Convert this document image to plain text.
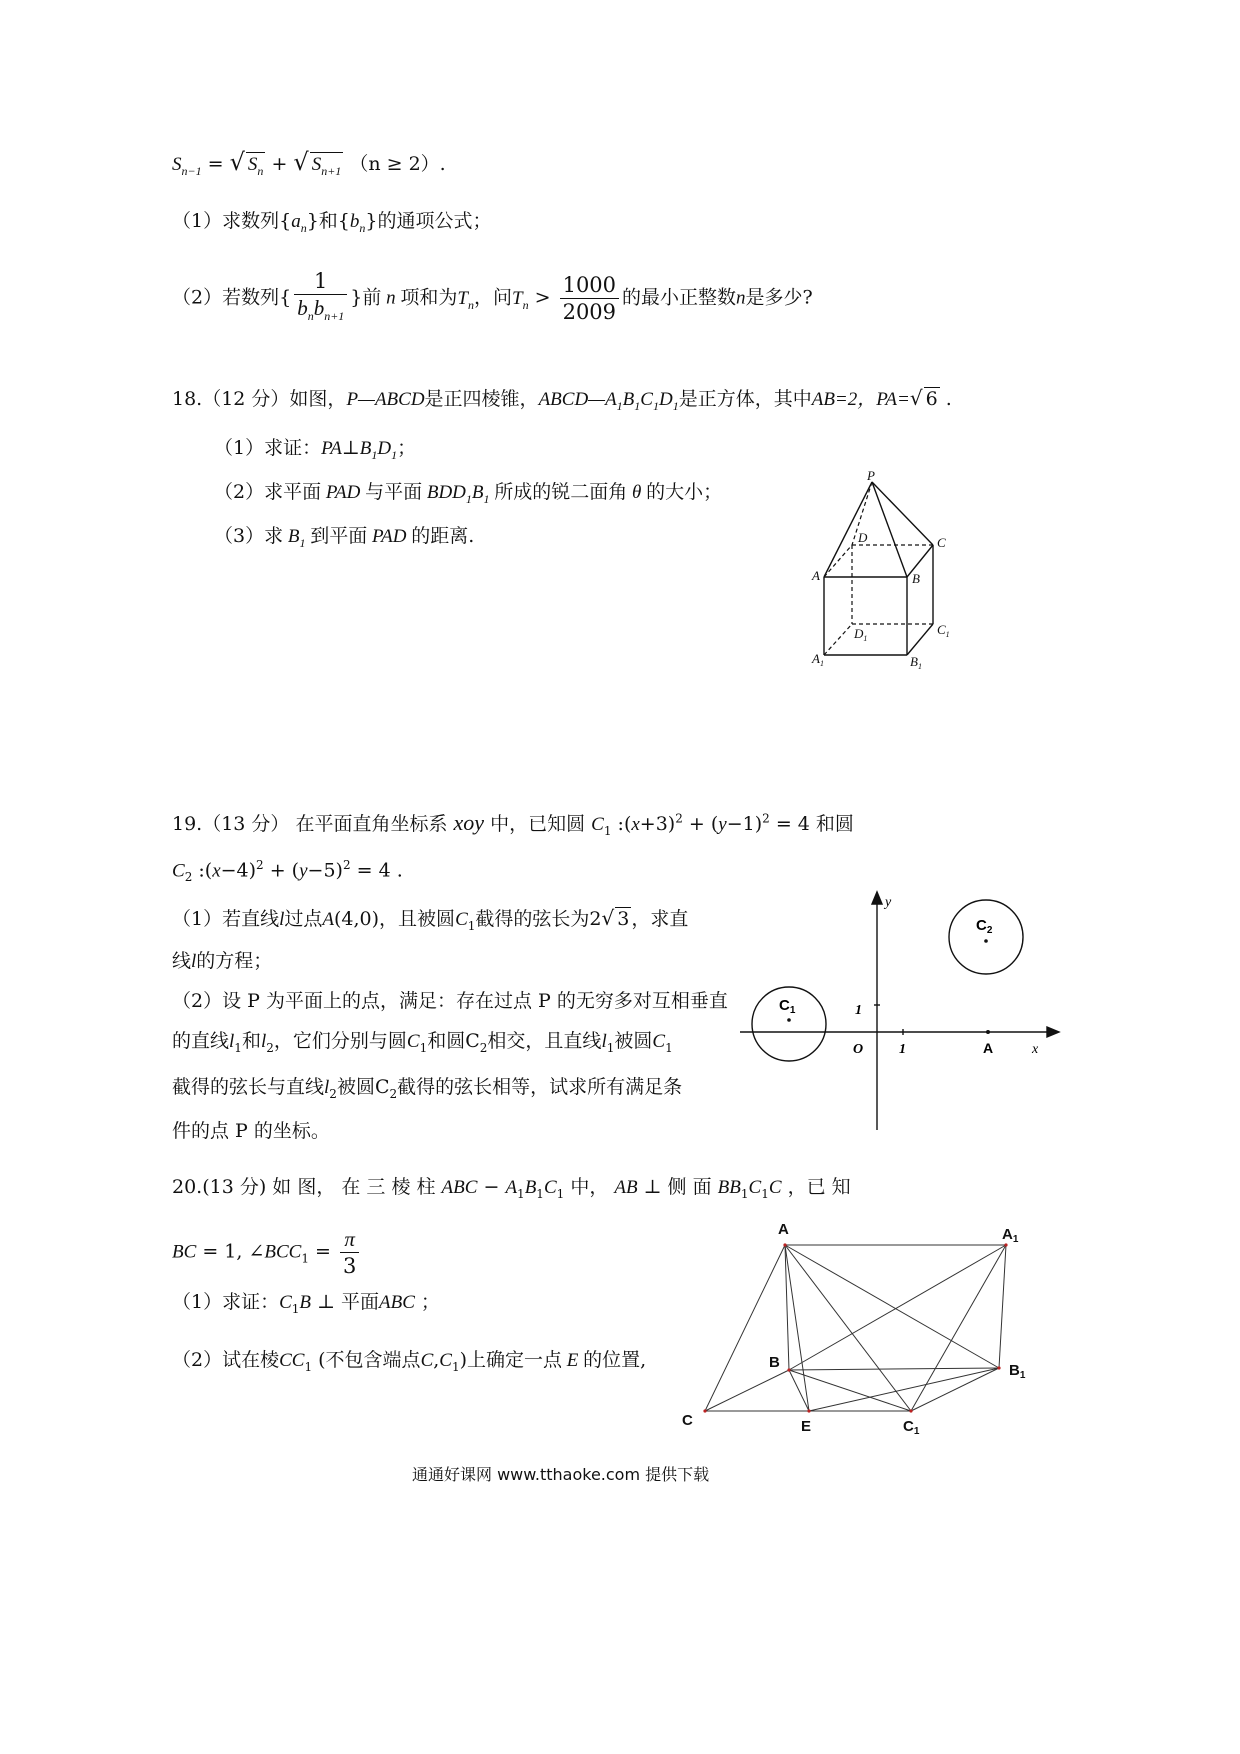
$S_{n-1}$ = √ $S_n$ + √ $S_{n+1}$ （n ≥ 2）.
（1）求数列$\{a_n\}$和$\{b_n\}$的通项公式；
（2）若数列{ $\frac{1}{b_nb_{n+1}}$ }前 n 项和为$T_n$，问$T_n > \frac{1000}{2009}$ 的最小正整数n是多少?
18.（12 分）如图，P—ABCD是正四棱锥，$ABCD—A_1B_1C_1D_1$是正方体，其中AB=2，PA=√ 6 .
（1）求证：$PA\perp B_1D_1$；
（2）求平面 PAD 与平面 $BDD_1B_1$ 所成的锐二面角 θ 的大小；
（3）求 $B_1$ 到平面 PAD 的距离.
P
D	C
A	B
$D_1$
$C_1$
$A_1$	$B_1$
19.（13 分） 在平面直角坐标系 xoy 中，已知圆 $C_1$ $:(x+3)^2 + (y-1)^2 = 4$ 和圆
$C_2$ $:(x-4)^2 + (y-5)^2 = 4$ .
（1）若直线l过点A(4,0)，且被圆$C_1$截得的弦长为2√ 3 ，求直
线l的方程；
（2）设 P 为平面上的点，满足：存在过点 P 的无穷多对互相垂直
的直线$l_1$和$l_2$，它们分别与圆$C_1$和圆$C_2$相交，且直线$l_1$被圆$C_1$
截得的弦长与直线$l_2$被圆$C_2$截得的弦长相等，试求所有满足条
件的点 P 的坐标。
y
x
O	1
1
A
$C_1$
$C_2$
20.(13 分) 如 图， 在 三 棱 柱 ABC − $A_1B_1C_1$ 中， AB ⊥ 侧 面 $BB_1C_1C$ ，已 知
BC = 1, $\angle BCC_1 = \frac{\pi}{3}$
（1）求证：$C_1B$ ⊥ 平面ABC ；
（2）试在棱$CC_1$ (不包含端点$C,C_1$)上确定一点 E 的位置,
A	$A_1$
B	$B_1$
C	E	$C_1$
通通好课网 www.tthaoke.com 提供下载
